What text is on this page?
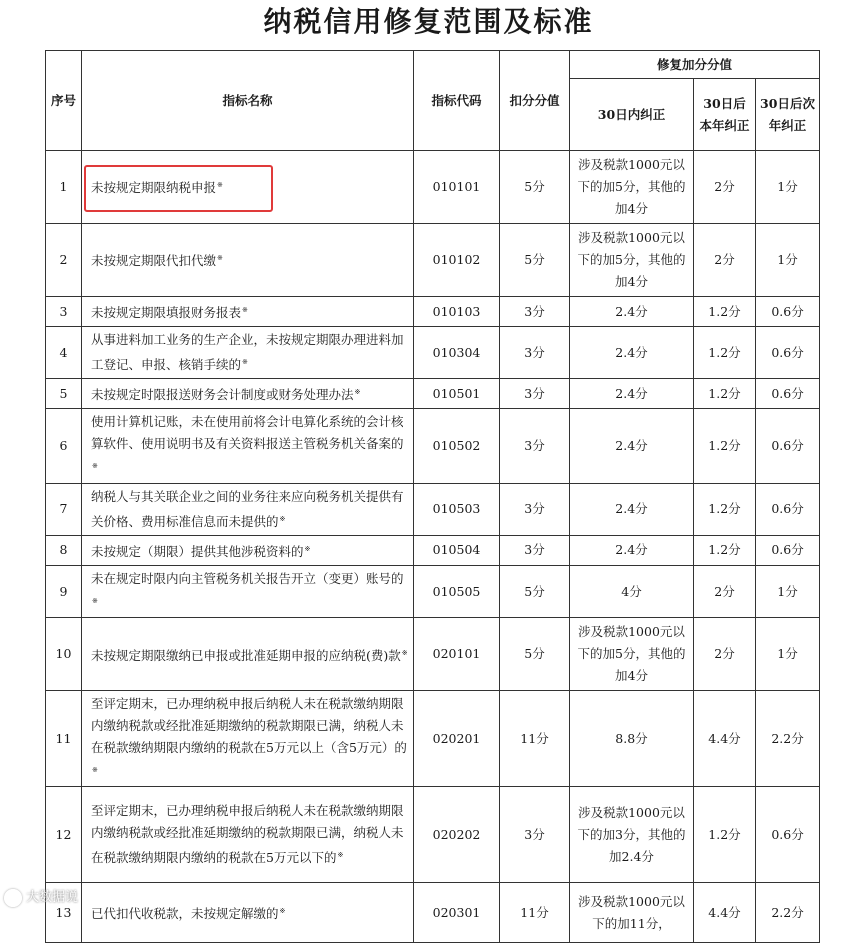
纳税信用修复范围及标准
序号	指标名称	指标代码	扣分分值	修复加分分值		
				30日内纠正	30日后本年纠正	30日后次年纠正
1	未按规定期限纳税申报※	010101	5分	涉及税款1000元以下的加5分，其他的加4分	2分	1分
2	未按规定期限代扣代缴※	010102	5分	涉及税款1000元以下的加5分，其他的加4分	2分	1分
3	未按规定期限填报财务报表※	010103	3分	2.4分	1.2分	0.6分
4	从事进料加工业务的生产企业，未按规定期限办理进料加工登记、申报、核销手续的※	010304	3分	2.4分	1.2分	0.6分
5	未按规定时限报送财务会计制度或财务处理办法※	010501	3分	2.4分	1.2分	0.6分
6	使用计算机记账，未在使用前将会计电算化系统的会计核算软件、使用说明书及有关资料报送主管税务机关备案的※	010502	3分	2.4分	1.2分	0.6分
7	纳税人与其关联企业之间的业务往来应向税务机关提供有关价格、费用标准信息而未提供的※	010503	3分	2.4分	1.2分	0.6分
8	未按规定（期限）提供其他涉税资料的※	010504	3分	2.4分	1.2分	0.6分
9	未在规定时限内向主管税务机关报告开立（变更）账号的※	010505	5分	4分	2分	1分
10	未按规定期限缴纳已申报或批准延期申报的应纳税(费)款※	020101	5分	涉及税款1000元以下的加5分，其他的加4分	2分	1分
11	至评定期末，已办理纳税申报后纳税人未在税款缴纳期限内缴纳税款或经批准延期缴纳的税款期限已满，纳税人未在税款缴纳期限内缴纳的税款在5万元以上（含5万元）的※	020201	11分	8.8分	4.4分	2.2分
12	至评定期末，已办理纳税申报后纳税人未在税款缴纳期限内缴纳税款或经批准延期缴纳的税款期限已满，纳税人未在税款缴纳期限内缴纳的税款在5万元以下的※	020202	3分	涉及税款1000元以下的加3分，其他的加2.4分	1.2分	0.6分
13	已代扣代收税款，未按规定解缴的※	020301	11分	涉及税款1000元以下的加11分，	4.4分	2.2分
大数据说
